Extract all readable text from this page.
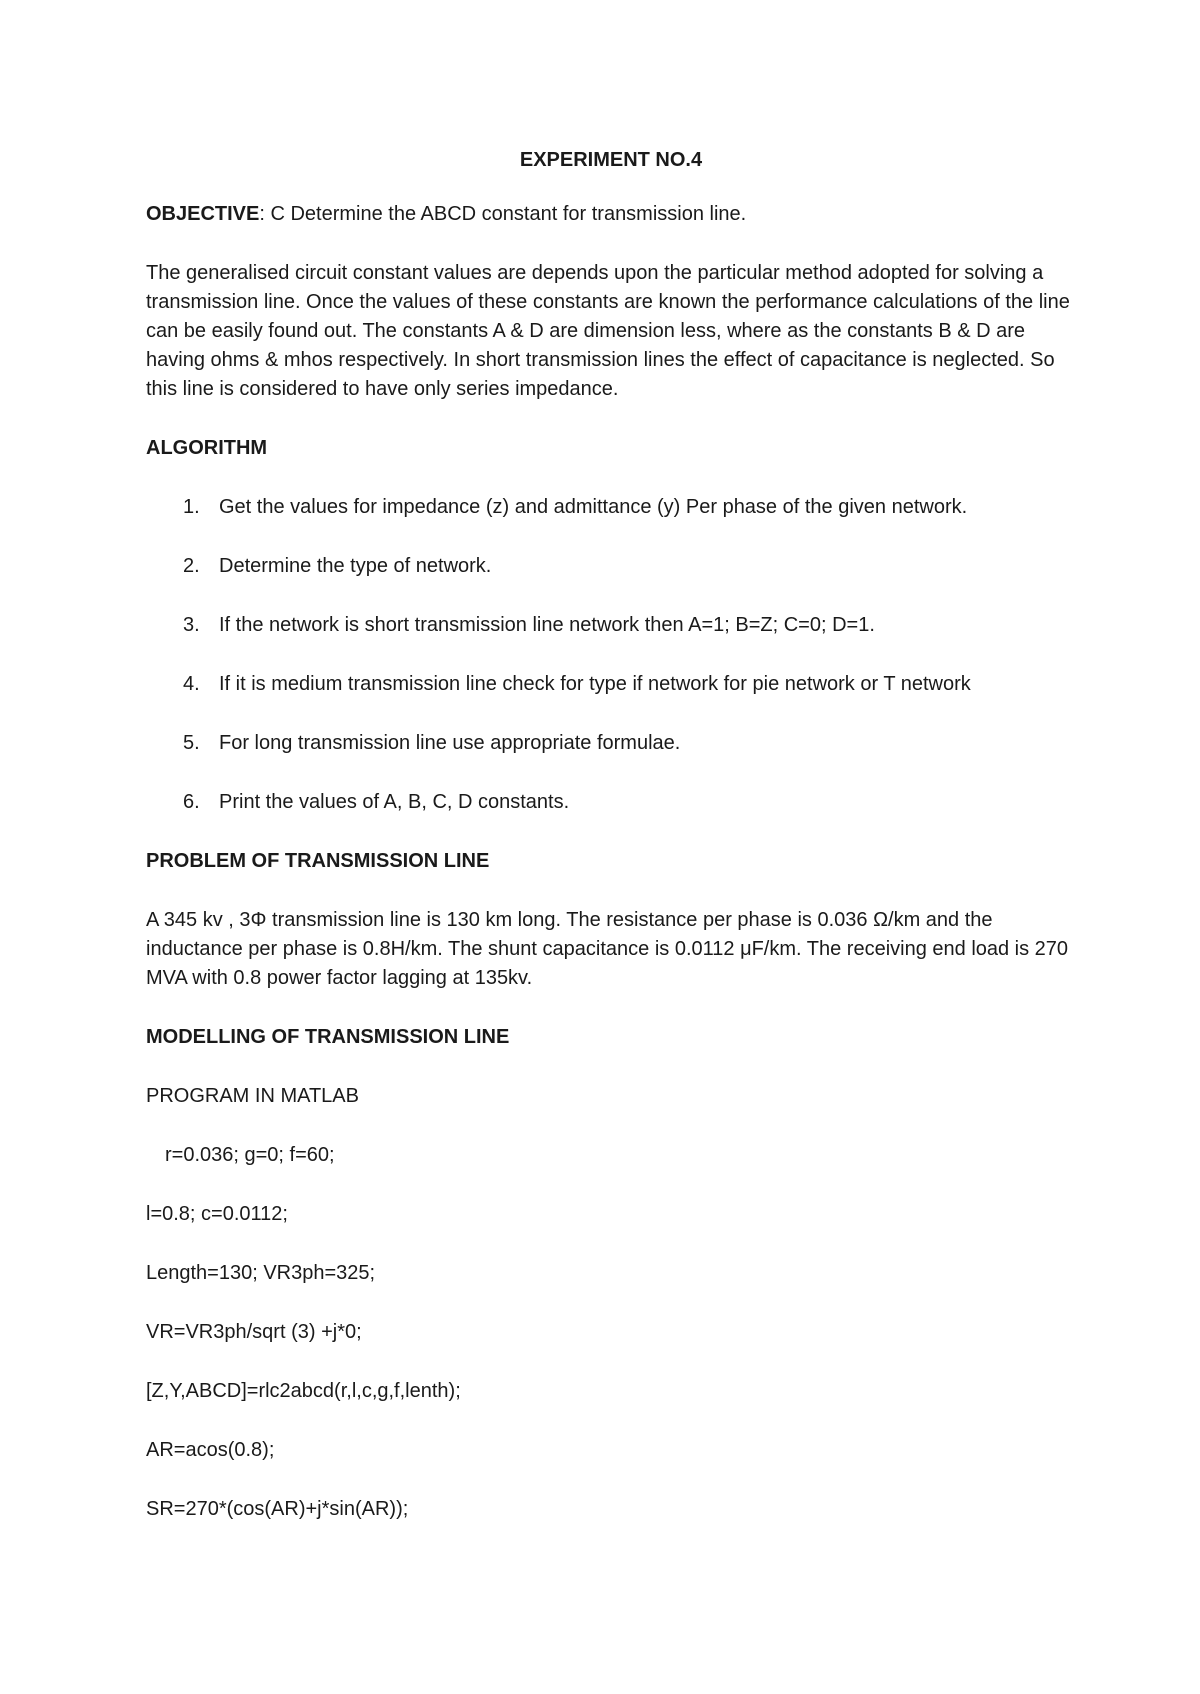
EXPERIMENT NO.4
OBJECTIVE: C Determine the ABCD constant for transmission line.
The generalised circuit constant values are depends upon the particular method adopted for solving a transmission line. Once the values of these constants are known the performance calculations of the line can be easily found out. The constants A & D are dimension less, where as the constants B & D are having ohms & mhos respectively. In short transmission lines the effect of capacitance is neglected. So this line is considered to have only series impedance.
ALGORITHM
1. Get the values for impedance (z) and admittance (y) Per phase of the given network.
2. Determine the type of network.
3. If the network is short transmission line network then A=1; B=Z; C=0; D=1.
4. If it is medium transmission line check for type if network for pie network or T network
5. For long transmission line use appropriate formulae.
6. Print the values of A, B, C, D constants.
PROBLEM OF TRANSMISSION LINE
A 345 kv , 3Φ transmission line is 130 km long. The resistance per phase is 0.036 Ω/km and the inductance per phase is 0.8H/km. The shunt capacitance is 0.0112 μF/km. The receiving end load is 270 MVA with 0.8 power factor lagging at 135kv.
MODELLING OF TRANSMISSION LINE
PROGRAM IN MATLAB
r=0.036; g=0; f=60;
l=0.8; c=0.0112;
Length=130; VR3ph=325;
VR=VR3ph/sqrt (3) +j*0;
[Z,Y,ABCD]=rlc2abcd(r,l,c,g,f,lenth);
AR=acos(0.8);
SR=270*(cos(AR)+j*sin(AR));
